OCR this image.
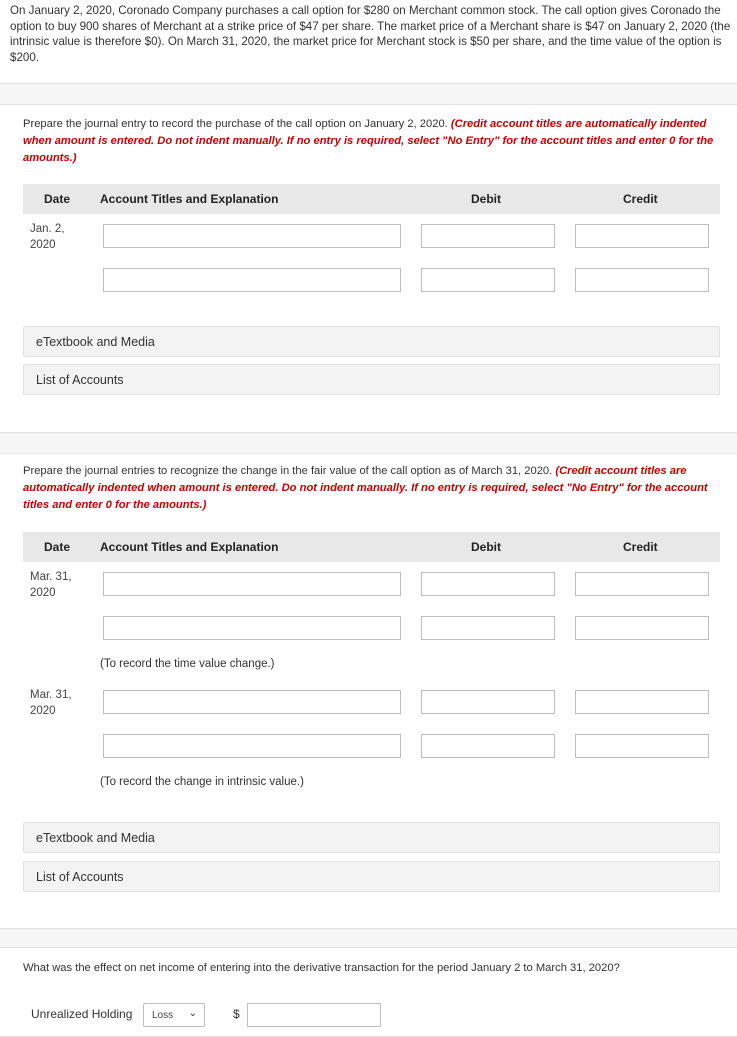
On January 2, 2020, Coronado Company purchases a call option for $280 on Merchant common stock. The call option gives Coronado the option to buy 900 shares of Merchant at a strike price of $47 per share. The market price of a Merchant share is $47 on January 2, 2020 (the intrinsic value is therefore $0). On March 31, 2020, the market price for Merchant stock is $50 per share, and the time value of the option is $200.
Prepare the journal entry to record the purchase of the call option on January 2, 2020. (Credit account titles are automatically indented when amount is entered. Do not indent manually. If no entry is required, select "No Entry" for the account titles and enter 0 for the amounts.)
Date Account Titles and Explanation	Debit	Credit
Jan. 2,
2020
eTextbook and Media
List of Accounts
Prepare the journal entries to recognize the change in the fair value of the call option as of March 31, 2020. (Credit account titles are automatically indented when amount is entered. Do not indent manually. If no entry is required, select "No Entry" for the account titles and enter 0 for the amounts.)
Date Account Titles and Explanation	Debit	Credit
Mar. 31,
2020
(To record the time value change.)
Mar. 31,
2020
(To record the change in intrinsic value.)
eTextbook and Media
List of Accounts
What was the effect on net income of entering into the derivative transaction for the period January 2 to March 31, 2020?
Unrealized Holding	Loss ⌄	$
